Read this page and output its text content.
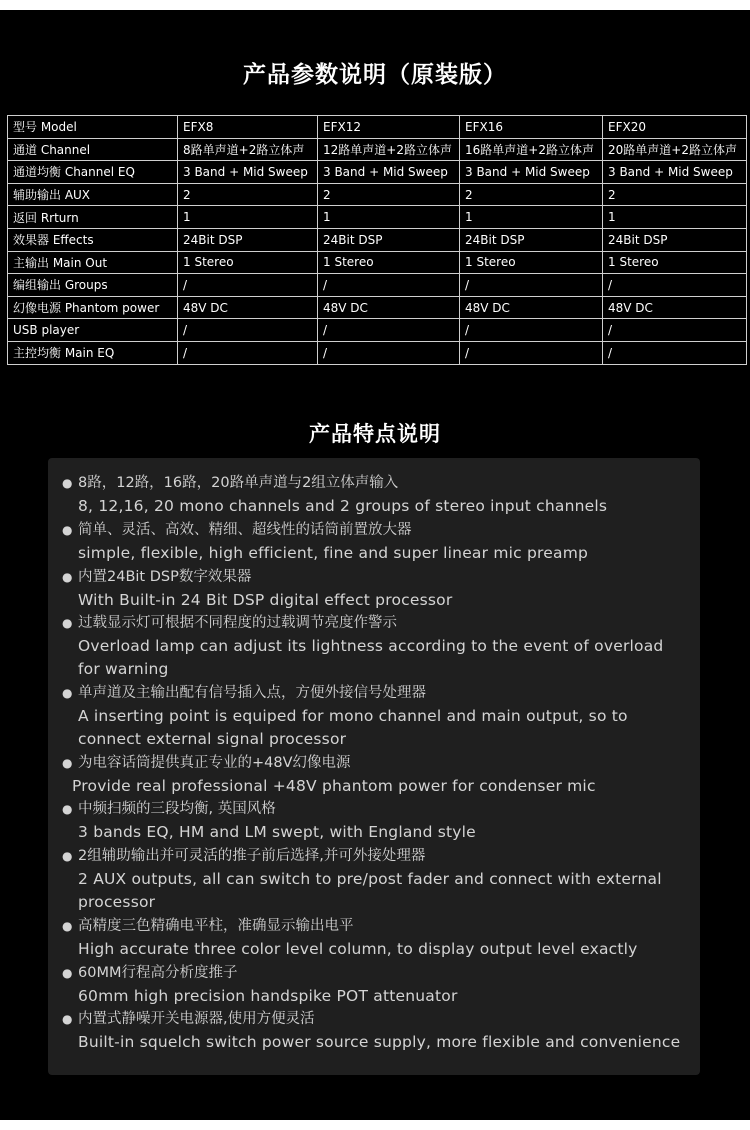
产品参数说明（原装版）
型号 Model	EFX8	EFX12	EFX16	EFX20
通道 Channel	8路单声道+2路立体声	12路单声道+2路立体声	16路单声道+2路立体声	20路单声道+2路立体声
通道均衡 Channel EQ	3 Band + Mid Sweep	3 Band + Mid Sweep	3 Band + Mid Sweep	3 Band + Mid Sweep
辅助输出 AUX	2	2	2	2
返回 Rrturn	1	1	1	1
效果器 Effects	24Bit DSP	24Bit DSP	24Bit DSP	24Bit DSP
主输出 Main Out	1 Stereo	1 Stereo	1 Stereo	1 Stereo
编组输出 Groups	/	/	/	/
幻像电源 Phantom power	48V DC	48V DC	48V DC	48V DC
USB player	/	/	/	/
主控均衡 Main EQ	/	/	/	/
产品特点说明
● 8路，12路，16路，20路单声道与2组立体声输入
8, 12,16, 20 mono channels and 2 groups of stereo input channels
● 简单、灵活、高效、精细、超线性的话筒前置放大器
simple, flexible, high efficient, fine and super linear mic preamp
● 内置24Bit DSP数字效果器
With Built-in 24 Bit DSP digital effect processor
● 过载显示灯可根据不同程度的过载调节亮度作警示
Overload lamp can adjust its lightness according to the event of overload for warning
● 单声道及主输出配有信号插入点，方便外接信号处理器
A inserting point is equiped for mono channel and main output, so to connect external signal processor
● 为电容话筒提供真正专业的+48V幻像电源
Provide real professional +48V phantom power for condenser mic
● 中频扫频的三段均衡, 英国风格
3 bands EQ, HM and LM swept, with England style
● 2组辅助输出并可灵活的推子前后选择,并可外接处理器
2 AUX outputs, all can switch to pre/post fader and connect with external processor
● 高精度三色精确电平柱，准确显示输出电平
High accurate three color level column, to display output level exactly
● 60MM行程高分析度推子
60mm high precision handspike POT attenuator
● 内置式静噪开关电源器,使用方便灵活
Built-in squelch switch power source supply, more flexible and convenience
